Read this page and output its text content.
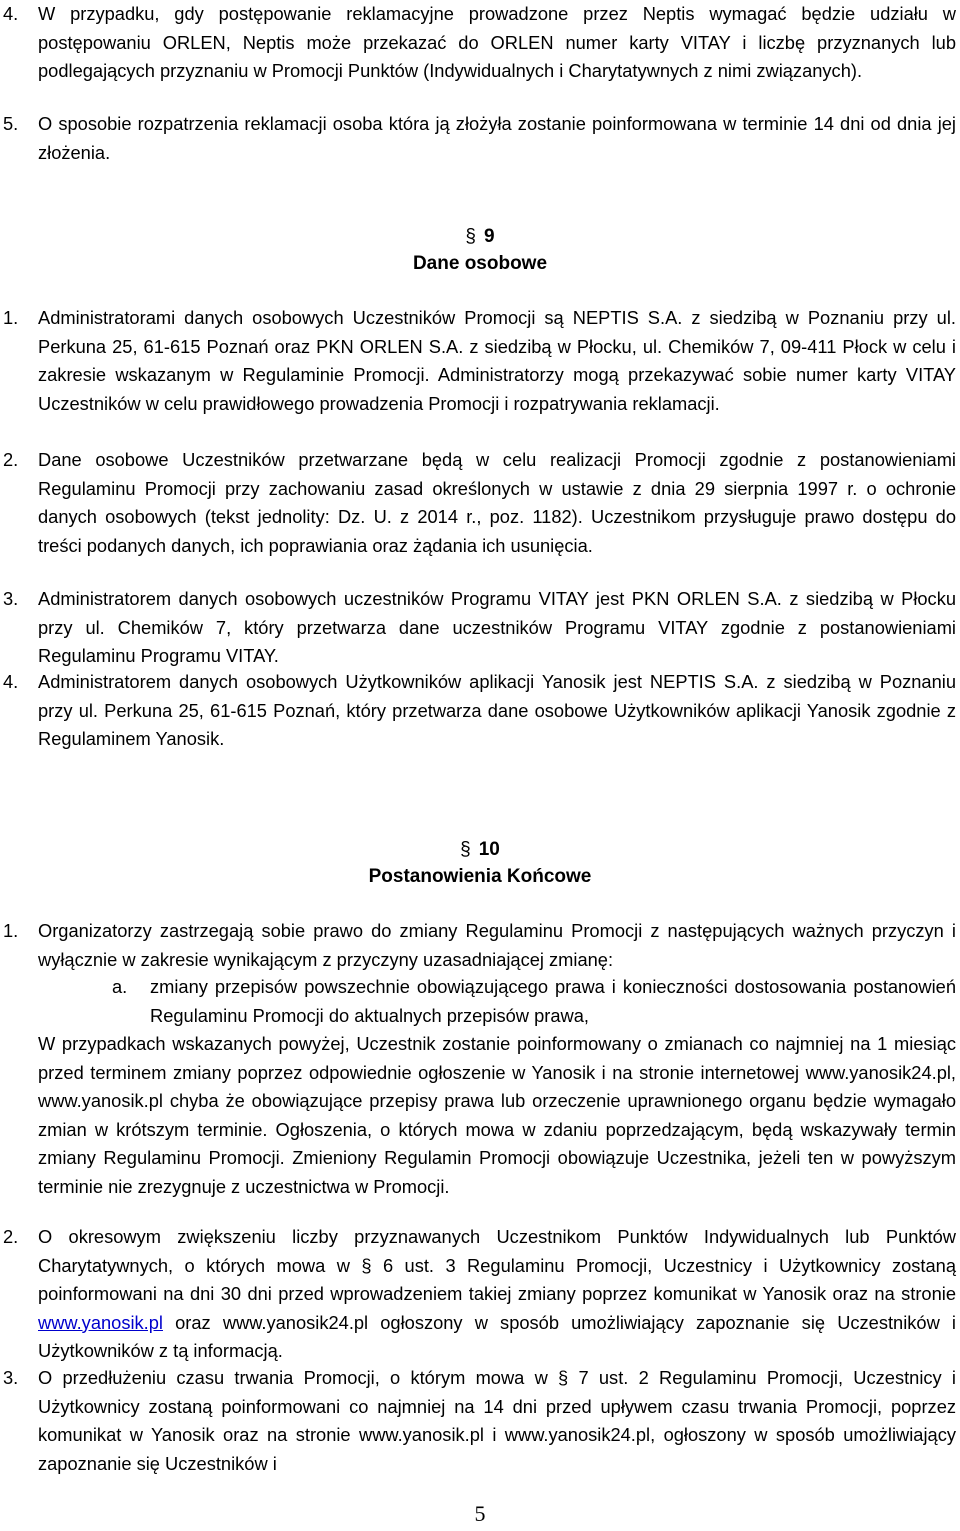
4. W przypadku, gdy postępowanie reklamacyjne prowadzone przez Neptis wymagać będzie udziału w postępowaniu ORLEN, Neptis może przekazać do ORLEN numer karty VITAY i liczbę przyznanych lub podlegających przyznaniu w Promocji Punktów (Indywidualnych i Charytatywnych z nimi związanych).
5. O sposobie rozpatrzenia reklamacji osoba która ją złożyła zostanie poinformowana w terminie 14 dni od dnia jej złożenia.
§ 9
Dane osobowe
1. Administratorami danych osobowych Uczestników Promocji są NEPTIS S.A. z siedzibą w Poznaniu przy ul. Perkuna 25, 61-615 Poznań oraz PKN ORLEN S.A. z siedzibą w Płocku, ul. Chemików 7, 09-411 Płock w celu i zakresie wskazanym w Regulaminie Promocji. Administratorzy mogą przekazywać sobie numer karty VITAY Uczestników w celu prawidłowego prowadzenia Promocji i rozpatrywania reklamacji.
2. Dane osobowe Uczestników przetwarzane będą w celu realizacji Promocji zgodnie z postanowieniami Regulaminu Promocji przy zachowaniu zasad określonych w ustawie z dnia 29 sierpnia 1997 r. o ochronie danych osobowych (tekst jednolity: Dz. U. z 2014 r., poz. 1182). Uczestnikom przysługuje prawo dostępu do treści podanych danych, ich poprawiania oraz żądania ich usunięcia.
3. Administratorem danych osobowych uczestników Programu VITAY jest PKN ORLEN S.A. z siedzibą w Płocku przy ul. Chemików 7, który przetwarza dane uczestników Programu VITAY zgodnie z postanowieniami Regulaminu Programu VITAY.
4. Administratorem danych osobowych Użytkowników aplikacji Yanosik jest NEPTIS S.A. z siedzibą w Poznaniu przy ul. Perkuna 25, 61-615 Poznań, który przetwarza dane osobowe Użytkowników aplikacji Yanosik zgodnie z Regulaminem Yanosik.
§ 10
Postanowienia Końcowe
1. Organizatorzy zastrzegają sobie prawo do zmiany Regulaminu Promocji z następujących ważnych przyczyn i wyłącznie w zakresie wynikającym z przyczyny uzasadniającej zmianę:
a. zmiany przepisów powszechnie obowiązującego prawa i konieczności dostosowania postanowień Regulaminu Promocji do aktualnych przepisów prawa,
W przypadkach wskazanych powyżej, Uczestnik zostanie poinformowany o zmianach co najmniej na 1 miesiąc przed terminem zmiany poprzez odpowiednie ogłoszenie w Yanosik i na stronie internetowej www.yanosik24.pl, www.yanosik.pl chyba że obowiązujące przepisy prawa lub orzeczenie uprawnionego organu będzie wymagało zmian w krótszym terminie. Ogłoszenia, o których mowa w zdaniu poprzedzającym, będą wskazywały termin zmiany Regulaminu Promocji. Zmieniony Regulamin Promocji obowiązuje Uczestnika, jeżeli ten w powyższym terminie nie zrezygnuje z uczestnictwa w Promocji.
2. O okresowym zwiększeniu liczby przyznawanych Uczestnikom Punktów Indywidualnych lub Punktów Charytatywnych, o których mowa w § 6 ust. 3 Regulaminu Promocji, Uczestnicy i Użytkownicy zostaną poinformowani na dni 30 dni przed wprowadzeniem takiej zmiany poprzez komunikat w Yanosik oraz na stronie www.yanosik.pl oraz www.yanosik24.pl ogłoszony w sposób umożliwiający zapoznanie się Uczestników i Użytkowników z tą informacją.
3. O przedłużeniu czasu trwania Promocji, o którym mowa w § 7 ust. 2 Regulaminu Promocji, Uczestnicy i Użytkownicy zostaną poinformowani co najmniej na 14 dni przed upływem czasu trwania Promocji, poprzez komunikat w Yanosik oraz na stronie www.yanosik.pl i www.yanosik24.pl, ogłoszony w sposób umożliwiający zapoznanie się Uczestników i
5
